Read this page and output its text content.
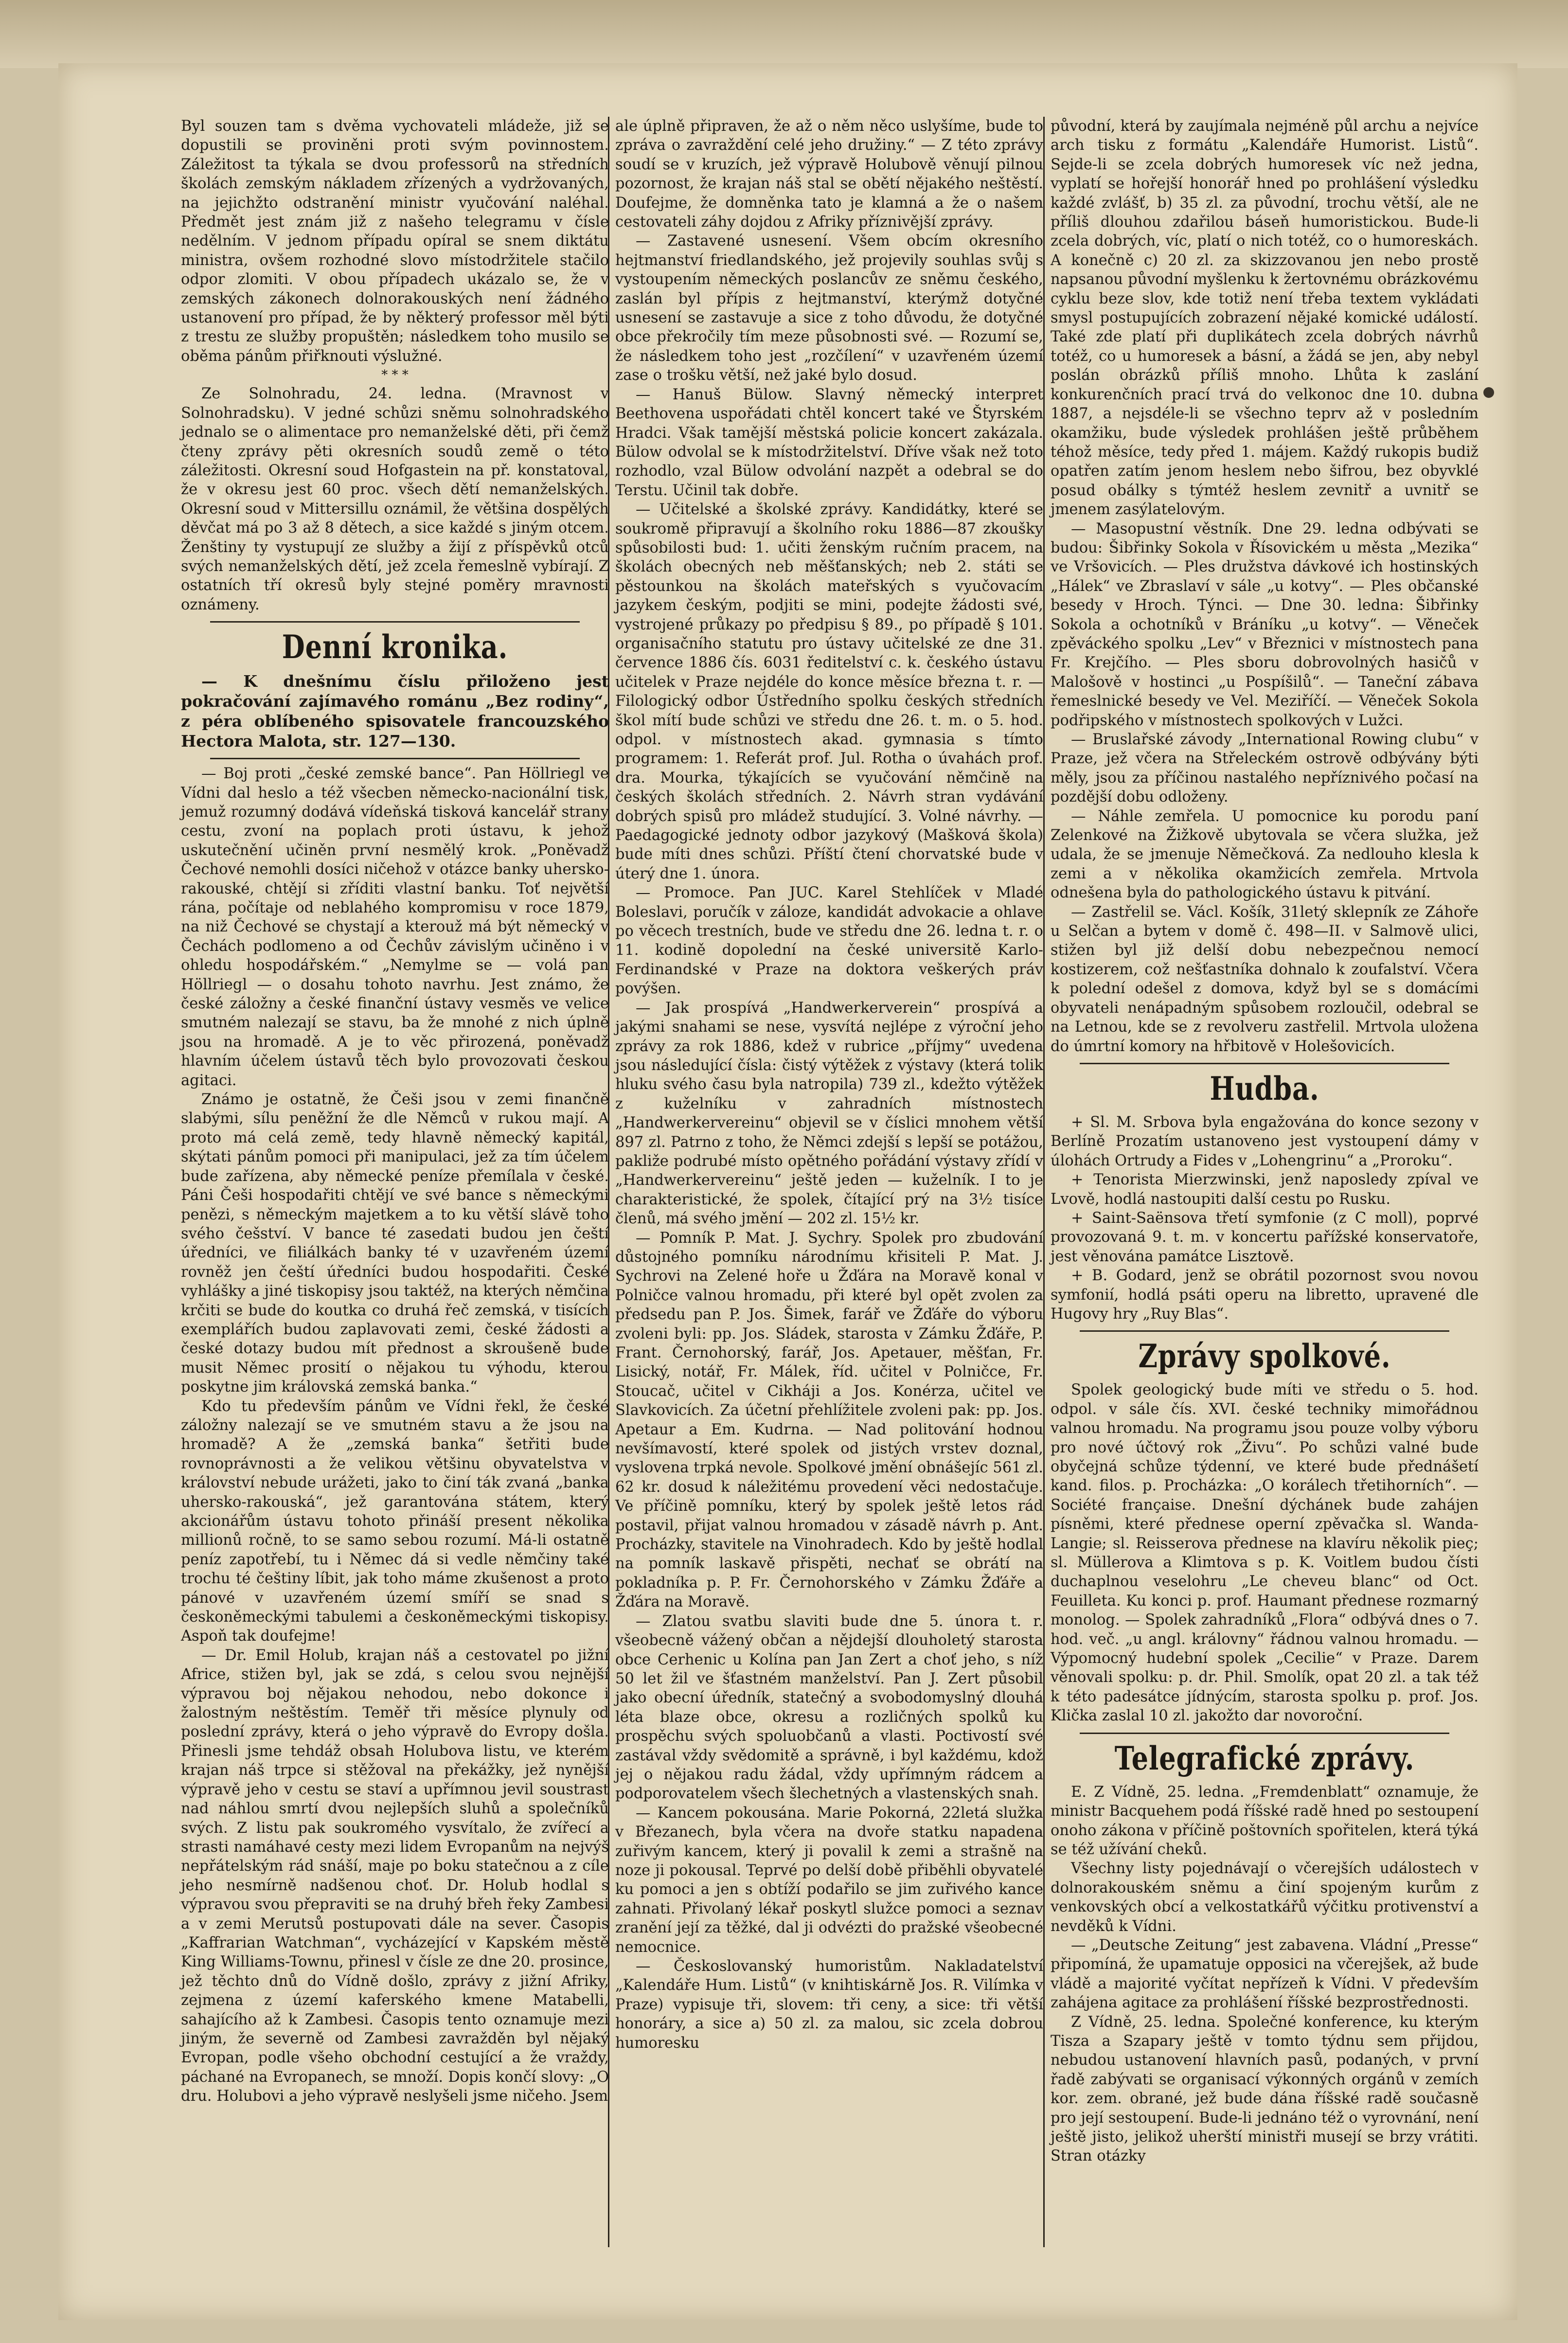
Byl souzen tam s dvěma vychovateli mládeže, již se dopustili se proviněni proti svým povinnostem. Záležitost ta týkala se dvou professorů na středních školách zemským nákladem zřízených a vydržovaných, na jejichžto odstranění ministr vyučování naléhal. Předmět jest znám již z našeho telegramu v čísle nedělním. V jednom případu opíral se snem diktátu ministra, ovšem rozhodné slovo místodržitele stačilo odpor zlomiti. V obou případech ukázalo se, že v zemských zákonech dolnorakouských není žádného ustanovení pro případ, že by některý professor měl býti z trestu ze služby propuštěn; následkem toho musilo se oběma pánům přiřknouti výslužné.

* * *

Ze Solnohradu, 24. ledna. (Mravnost v Solnohradsku). V jedné schůzi sněmu solnohradského jednalo se o alimentace pro nemanželské děti, při čemž čteny zprávy pěti okresních soudů země o této záležitosti. Okresní soud Hofgastein na př. konstatoval, že v okresu jest 60 proc. všech dětí nemanželských. Okresní soud v Mittersillu oznámil, že většina dospělých děvčat má po 3 až 8 dětech, a sice každé s jiným otcem. Ženštiny ty vystupují ze služby a žijí z příspěvků otců svých nemanželských dětí, jež zcela řemeslně vybírají. Z ostatních tří okresů byly stejné poměry mravnosti oznámeny.

Denní kronika.

— K dnešnímu číslu přiloženo jest pokračování zajímavého románu „Bez rodiny“, z péra oblíbeného spisovatele francouzského Hectora Malota, str. 127—130.

— Boj proti „české zemské bance“. Pan Höllriegl ve Vídni dal heslo a též všecben německo-nacionální tisk, jemuž rozumný dodává vídeňská tisková kancelář strany cestu, zvoní na poplach proti ústavu, k jehož uskutečnění učiněn první nesmělý krok. „Poněvadž Čechové nemohli dosíci ničehož v otázce banky uhersko-rakouské, chtějí si zříditi vlastní banku. Toť největší rána, počítaje od neblahého kompromisu v roce 1879, na niž Čechové se chystají a kterouž má být německý v Čechách podlomeno a od Čechův závislým učiněno i v ohledu hospodářském.“ „Nemylme se — volá pan Höllriegl — o dosahu tohoto navrhu. Jest známo, že české záložny a české finanční ústavy vesměs ve velice smutném nalezají se stavu, ba že mnohé z nich úplně jsou na hromadě. A je to věc přirozená, poněvadž hlavním účelem ústavů těch bylo provozovati českou agitaci.

Známo je ostatně, že Češi jsou v zemi finančně slabými, sílu peněžní že dle Němců v rukou mají. A proto má celá země, tedy hlavně německý kapitál, skýtati pánům pomoci při manipulaci, jež za tím účelem bude zařízena, aby německé peníze přemílala v české. Páni Češi hospodařiti chtějí ve své bance s německými penězi, s německým majetkem a to ku větší slávě toho svého češství. V bance té zasedati budou jen čeští úředníci, ve filiálkách banky té v uzavřeném území rovněž jen čeští úředníci budou hospodařiti. České vyhlášky a jiné tiskopisy jsou taktéž, na kterých němčina krčiti se bude do koutka co druhá řeč zemská, v tisících exemplářích budou zaplavovati zemi, české žádosti a české dotazy budou mít přednost a skroušeně bude musit Němec prosití o nějakou tu výhodu, kterou poskytne jim královská zemská banka.“

Kdo tu především pánům ve Vídni řekl, že české záložny nalezají se ve smutném stavu a že jsou na hromadě? A že „zemská banka“ šetřiti bude rovnoprávnosti a že velikou většinu obyvatelstva v království nebude urážeti, jako to činí ták zvaná „banka uhersko-rakouská“, jež garantována státem, který akcionářům ústavu tohoto přináší present několika millionů ročně, to se samo sebou rozumí. Má-li ostatně peníz zapotřebí, tu i Němec dá si vedle němčiny také trochu té češtiny líbit, jak toho máme zkušenost a proto pánové v uzavřeném území smíří se snad s českoněmeckými tabulemi a českoněmeckými tiskopisy. Aspoň tak doufejme!

— Dr. Emil Holub, krajan náš a cestovatel po jižní Africe, stižen byl, jak se zdá, s celou svou nejnější výpravou boj nějakou nehodou, nebo dokonce i žalostným neštěstím. Teměř tři měsíce plynuly od poslední zprávy, která o jeho výpravě do Evropy došla. Přinesli jsme tehdáž obsah Holubova listu, ve kterém krajan náš trpce si stěžoval na překážky, jež nynější výpravě jeho v cestu se staví a upřímnou jevil soustrast nad náhlou smrtí dvou nejlepších sluhů a společníků svých. Z listu pak soukromého vysvítalo, že zvířecí a strasti namáhavé cesty mezi lidem Evropanům na nejvýš nepřátelským rád snáší, maje po boku statečnou a z cíle jeho nesmírně nadšenou choť. Dr. Holub hodlal s výpravou svou přepraviti se na druhý břeh řeky Zambesi a v zemi Merutsů postupovati dále na sever. Časopis „Kaffrarian Watchman“, vycházející v Kapském městě King Williams-Townu, přinesl v čísle ze dne 20. prosince, jež těchto dnů do Vídně došlo, zprávy z jižní Afriky, zejmena z území kaferského kmene Matabelli, sahajícího až k Zambesi. Časopis tento oznamuje mezi jiným, že severně od Zambesi zavražděn byl nějaký Evropan, podle všeho obchodní cestující a že vraždy, páchané na Evropanech, se množí. Dopis končí slovy: „O dru. Holubovi a jeho výpravě neslyšeli jsme ničeho. Jsem

ale úplně připraven, že až o něm něco uslyšíme, bude to zpráva o zavraždění celé jeho družiny.“ — Z této zprávy soudí se v kruzích, jež výpravě Holubově věnují pilnou pozornost, že krajan náš stal se obětí nějakého neštěstí. Doufejme, že domněnka tato je klamná a že o našem cestovateli záhy dojdou z Afriky příznivější zprávy.

— Zastavené usnesení. Všem obcím okresního hejtmanství friedlandského, jež projevily souhlas svůj s vystoupením německých poslancův ze sněmu českého, zaslán byl přípis z hejtmanství, kterýmž dotyčné usnesení se zastavuje a sice z toho důvodu, že dotyčné obce překročily tím meze působnosti své. — Rozumí se, že následkem toho jest „rozčílení“ v uzavřeném území zase o trošku větší, než jaké bylo dosud.

— Hanuš Bülow. Slavný německý interpret Beethovena uspořádati chtěl koncert také ve Štyrském Hradci. Však tamější městská policie koncert zakázala. Bülow odvolal se k místodržitelství. Dříve však než toto rozhodlo, vzal Bülow odvolání nazpět a odebral se do Terstu. Učinil tak dobře.

— Učitelské a školské zprávy. Kandidátky, které se soukromě připravují a školního roku 1886—87 zkoušky spůsobilosti bud: 1. učiti ženským ručním pracem, na školách obecných neb měšťanských; neb 2. státi se pěstounkou na školách mateřských s vyučovacím jazykem českým, podjiti se mini, podejte žádosti své, vystrojené průkazy po předpisu § 89., po případě § 101. organisačního statutu pro ústavy učitelské ze dne 31. července 1886 čís. 6031 ředitelství c. k. českého ústavu učitelek v Praze nejdéle do konce měsíce března t. r. — Filologický odbor Ústředního spolku českých středních škol mítí bude schůzi ve středu dne 26. t. m. o 5. hod. odpol. v místnostech akad. gymnasia s tímto programem: 1. Referát prof. Jul. Rotha o úvahách prof. dra. Mourka, týkajících se vyučování němčině na českých školách středních. 2. Návrh stran vydávání dobrých spisů pro mládež studující. 3. Volné návrhy. — Paedagogické jednoty odbor jazykový (Mašková škola) bude míti dnes schůzi. Příští čtení chorvatské bude v úterý dne 1. února.

— Promoce. Pan JUC. Karel Stehlíček v Mladé Boleslavi, poručík v záloze, kandidát advokacie a ohlave po věcech trestních, bude ve středu dne 26. ledna t. r. o 11. kodině dopolední na české universitě Karlo-Ferdinandské v Praze na doktora veškerých práv povýšen.

— Jak prospívá „Handwerkerverein“ prospívá a jakými snahami se nese, vysvítá nejlépe z výroční jeho zprávy za rok 1886, kdež v rubrice „příjmy“ uvedena jsou následující čísla: čistý výtěžek z výstavy (která tolik hluku svého času byla natropila) 739 zl., kdežto výtěžek z kuželníku v zahradních místnostech „Handwerkervereinu“ objevil se v číslici mnohem větší 897 zl. Patrno z toho, že Němci zdejší s lepší se potážou, pakliže podrubé místo opětného pořádání výstavy zřídí v „Handwerkervereinu“ ještě jeden — kuželník. I to je charakteristické, že spolek, čítající prý na 3½ tisíce členů, má svého jmění — 202 zl. 15½ kr.

— Pomník P. Mat. J. Sychry. Spolek pro zbudování důstojného pomníku národnímu křisiteli P. Mat. J. Sychrovi na Zelené hoře u Žďára na Moravě konal v Polničce valnou hromadu, při které byl opět zvolen za předsedu pan P. Jos. Šimek, farář ve Žďáře do výboru zvoleni byli: pp. Jos. Sládek, starosta v Zámku Žďáře, P. Frant. Černohorský, farář, Jos. Apetauer, měšťan, Fr. Lisický, notář, Fr. Málek, říd. učitel v Polničce, Fr. Stoucač, učitel v Cikháji a Jos. Konérza, učitel ve Slavkovicích. Za účetní přehlížitele zvoleni pak: pp. Jos. Apetaur a Em. Kudrna. — Nad politování hodnou nevšímavostí, které spolek od jistých vrstev doznal, vyslovena trpká nevole. Spolkové jmění obnášejíc 561 zl. 62 kr. dosud k náležitému provedení věci nedostačuje. Ve příčině pomníku, který by spolek ještě letos rád postavil, přijat valnou hromadou v zásadě návrh p. Ant. Procházky, stavitele na Vinohradech. Kdo by ještě hodlal na pomník laskavě přispěti, nechať se obrátí na pokladníka p. P. Fr. Černohorského v Zámku Žďáře a Žďára na Moravě.

— Zlatou svatbu slaviti bude dne 5. února t. r. všeobecně vážený občan a nějdejší dlouholetý starosta obce Cerhenic u Kolína pan Jan Zert a choť jeho, s níž 50 let žil ve šťastném manželství. Pan J. Zert působil jako obecní úředník, statečný a svobodomyslný dlouhá léta blaze obce, okresu a rozličných spolků ku prospěchu svých spoluobčanů a vlasti. Poctivostí své zastával vždy svědomitě a správně, i byl každému, kdož jej o nějakou radu žádal, vždy upřímným rádcem a podporovatelem všech šlechetných a vlastenských snah.

— Kancem pokousána. Marie Pokorná, 22letá služka v Březanech, byla včera na dvoře statku napadena zuřivým kancem, který ji povalil k zemi a strašně na noze ji pokousal. Teprvé po delší době přiběhli obyvatelé ku pomoci a jen s obtíží podařilo se jim zuřivého kance zahnati. Přivolaný lékař poskytl služce pomoci a seznav zranění její za těžké, dal ji odvézti do pražské všeobecné nemocnice.

— Českoslovanský humoristům. Nakladatelství „Kalendáře Hum. Listů“ (v knihtiskárně Jos. R. Vilímka v Praze) vypisuje tři, slovem: tři ceny, a sice: tři větší honoráry, a sice a) 50 zl. za malou, sic zcela dobrou humoresku

původní, která by zaujímala nejméně půl archu a nejvíce arch tisku z formátu „Kalendáře Humorist. Listů“. Sejde-li se zcela dobrých humoresek víc než jedna, vyplatí se hořejší honorář hned po prohlášení výsledku každé zvlášť, b) 35 zl. za původní, trochu větší, ale ne příliš dlouhou zdařilou báseň humoristickou. Bude-li zcela dobrých, víc, platí o nich totéž, co o humoreskách. A konečně c) 20 zl. za skizzovanou jen nebo prostě napsanou původní myšlenku k žertovnému obrázkovému cyklu beze slov, kde totiž není třeba textem vykládati smysl postupujících zobrazení nějaké komické událostí. Také zde platí při duplikátech zcela dobrých návrhů totéž, co u humoresek a básní, a žádá se jen, aby nebyl poslán obrázků příliš mnoho. Lhůta k zaslání konkurenčních prací trvá do velkonoc dne 10. dubna 1887, a nejsdéle-li se všechno teprv až v posledním okamžiku, bude výsledek prohlášen ještě průběhem téhož měsíce, tedy před 1. májem. Každý rukopis budiž opatřen zatím jenom heslem nebo šifrou, bez obyvklé posud obálky s týmtéž heslem zevnitř a uvnitř se jmenem zasýlatelovým.

— Masopustní věstník. Dne 29. ledna odbývati se budou: Šibřinky Sokola v Řísovickém u města „Mezika“ ve Vršovicích. — Ples družstva dávkové ich hostinských „Hálek“ ve Zbraslaví v sále „u kotvy“. — Ples občanské besedy v Hroch. Týnci. — Dne 30. ledna: Šibřinky Sokola a ochotníků v Bráníku „u kotvy“. — Věneček zpěváckého spolku „Lev“ v Březnici v místnostech pana Fr. Krejčího. — Ples sboru dobrovolných hasičů v Malošově v hostinci „u Pospíšilů“. — Taneční zábava řemeslnické besedy ve Vel. Meziříčí. — Věneček Sokola podřipského v místnostech spolkových v Lužci.

— Bruslařské závody „International Rowing clubu“ v Praze, jež včera na Střeleckém ostrově odbývány býti měly, jsou za příčinou nastalého nepříznivého počasí na pozdější dobu odloženy.

— Náhle zemřela. U pomocnice ku porodu paní Zelenkové na Žižkově ubytovala se včera služka, jež udala, že se jmenuje Němečková. Za nedlouho klesla k zemi a v několika okamžicích zemřela. Mrtvola odnešena byla do pathologického ústavu k pitvání.

— Zastřelil se. Václ. Košík, 31letý sklepník ze Záhoře u Selčan a bytem v domě č. 498—II. v Salmově ulici, stižen byl již delší dobu nebezpečnou nemocí kostizerem, což nešťastníka dohnalo k zoufalství. Včera k polední odešel z domova, když byl se s domácími obyvateli nenápadným spůsobem rozloučil, odebral se na Letnou, kde se z revolveru zastřelil. Mrtvola uložena do úmrtní komory na hřbitově v Holešovicích.

Hudba.

+ Sl. M. Srbova byla engažována do konce sezony v Berlíně Prozatím ustanoveno jest vystoupení dámy v úlohách Ortrudy a Fides v „Lohengrinu“ a „Proroku“.

+ Tenorista Mierzwinski, jenž naposledy zpíval ve Lvově, hodlá nastoupiti další cestu po Rusku.

+ Saint-Saënsova třetí symfonie (z C moll), poprvé provozovaná 9. t. m. v koncertu pařížské konservatoře, jest věnována památce Lisztově.

+ B. Godard, jenž se obrátil pozornost svou novou symfonií, hodlá psáti operu na libretto, upravené dle Hugovy hry „Ruy Blas“.

Zprávy spolkové.

Spolek geologický bude míti ve středu o 5. hod. odpol. v sále čís. XVI. české techniky mimořádnou valnou hromadu. Na programu jsou pouze volby výboru pro nové účtový rok „Živu“. Po schůzi valné bude obyčejná schůze týdenní, ve které bude přednášetí kand. filos. p. Procházka: „O korálech třetihorních“. — Société française. Dnešní dýchánek bude zahájen písněmi, které přednese operní zpěvačka sl. Wanda-Langie; sl. Reisserova přednese na klavíru několik pieç; sl. Müllerova a Klimtova s p. K. Voitlem budou čísti duchaplnou veselohru „Le cheveu blanc“ od Oct. Feuilleta. Ku konci p. prof. Haumant přednese rozmarný monolog. — Spolek zahradníků „Flora“ odbývá dnes o 7. hod. več. „u angl. královny“ řádnou valnou hromadu. — Výpomocný hudební spolek „Cecilie“ v Praze. Darem věnovali spolku: p. dr. Phil. Smolík, opat 20 zl. a tak též k této padesátce jídnýcím, starosta spolku p. prof. Jos. Klička zaslal 10 zl. jakožto dar novoroční.

Telegrafické zprávy.

E. Z Vídně, 25. ledna. „Fremdenblatt“ oznamuje, že ministr Bacquehem podá říšské radě hned po sestoupení onoho zákona v příčině poštovních spořitelen, která týká se též užívání cheků.

Všechny listy pojednávají o včerejších událostech v dolnorakouském sněmu a činí spojeným kurům z venkovských obcí a velkostatkářů výčitku protivenství a nevděků k Vídni.

— „Deutsche Zeitung“ jest zabavena. Vládní „Presse“ připomíná, že upamatuje opposici na včerejšek, až bude vládě a majorité vyčítat nepřízeň k Vídni. V především zahájena agitace za prohlášení říšské bezprostřednosti.

Z Vídně, 25. ledna. Společné konference, ku kterým Tisza a Szapary ještě v tomto týdnu sem přijdou, nebudou ustanovení hlavních pasů, podaných, v první řadě zabývati se organisací výkonných orgánů v zemích kor. zem. obrané, jež bude dána říšské radě současně pro její sestoupení. Bude-li jednáno též o vyrovnání, není ještě jisto, jelikož uherští ministři musejí se brzy vrátiti. Stran otázky
